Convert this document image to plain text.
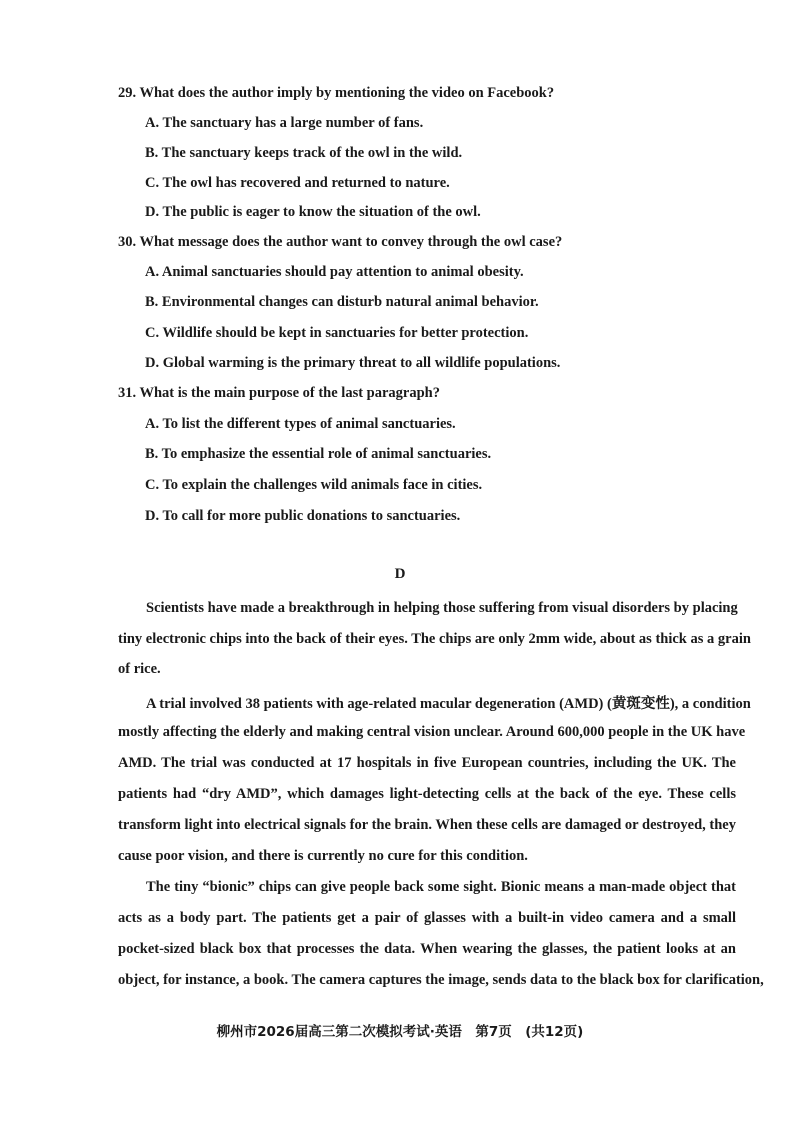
29. What does the author imply by mentioning the video on Facebook?
A. The sanctuary has a large number of fans.
B. The sanctuary keeps track of the owl in the wild.
C. The owl has recovered and returned to nature.
D. The public is eager to know the situation of the owl.
30. What message does the author want to convey through the owl case?
A. Animal sanctuaries should pay attention to animal obesity.
B. Environmental changes can disturb natural animal behavior.
C. Wildlife should be kept in sanctuaries for better protection.
D. Global warming is the primary threat to all wildlife populations.
31. What is the main purpose of the last paragraph?
A. To list the different types of animal sanctuaries.
B. To emphasize the essential role of animal sanctuaries.
C. To explain the challenges wild animals face in cities.
D. To call for more public donations to sanctuaries.
D
Scientists have made a breakthrough in helping those suffering from visual disorders by placing
tiny electronic chips into the back of their eyes. The chips are only 2mm wide, about as thick as a grain
of rice.
A trial involved 38 patients with age-related macular degeneration (AMD) (黄斑变性), a condition
mostly affecting the elderly and making central vision unclear. Around 600,000 people in the UK have
AMD. The trial was conducted at 17 hospitals in five European countries, including the UK. The
patients had “dry AMD”, which damages light-detecting cells at the back of the eye. These cells
transform light into electrical signals for the brain. When these cells are damaged or destroyed, they
cause poor vision, and there is currently no cure for this condition.
The tiny “bionic” chips can give people back some sight. Bionic means a man-made object that
acts as a body part. The patients get a pair of glasses with a built-in video camera and a small
pocket-sized black box that processes the data. When wearing the glasses, the patient looks at an
object, for instance, a book. The camera captures the image, sends data to the black box for clarification,
柳州市2026届高三第二次模拟考试·英语　第7页　(共12页)
